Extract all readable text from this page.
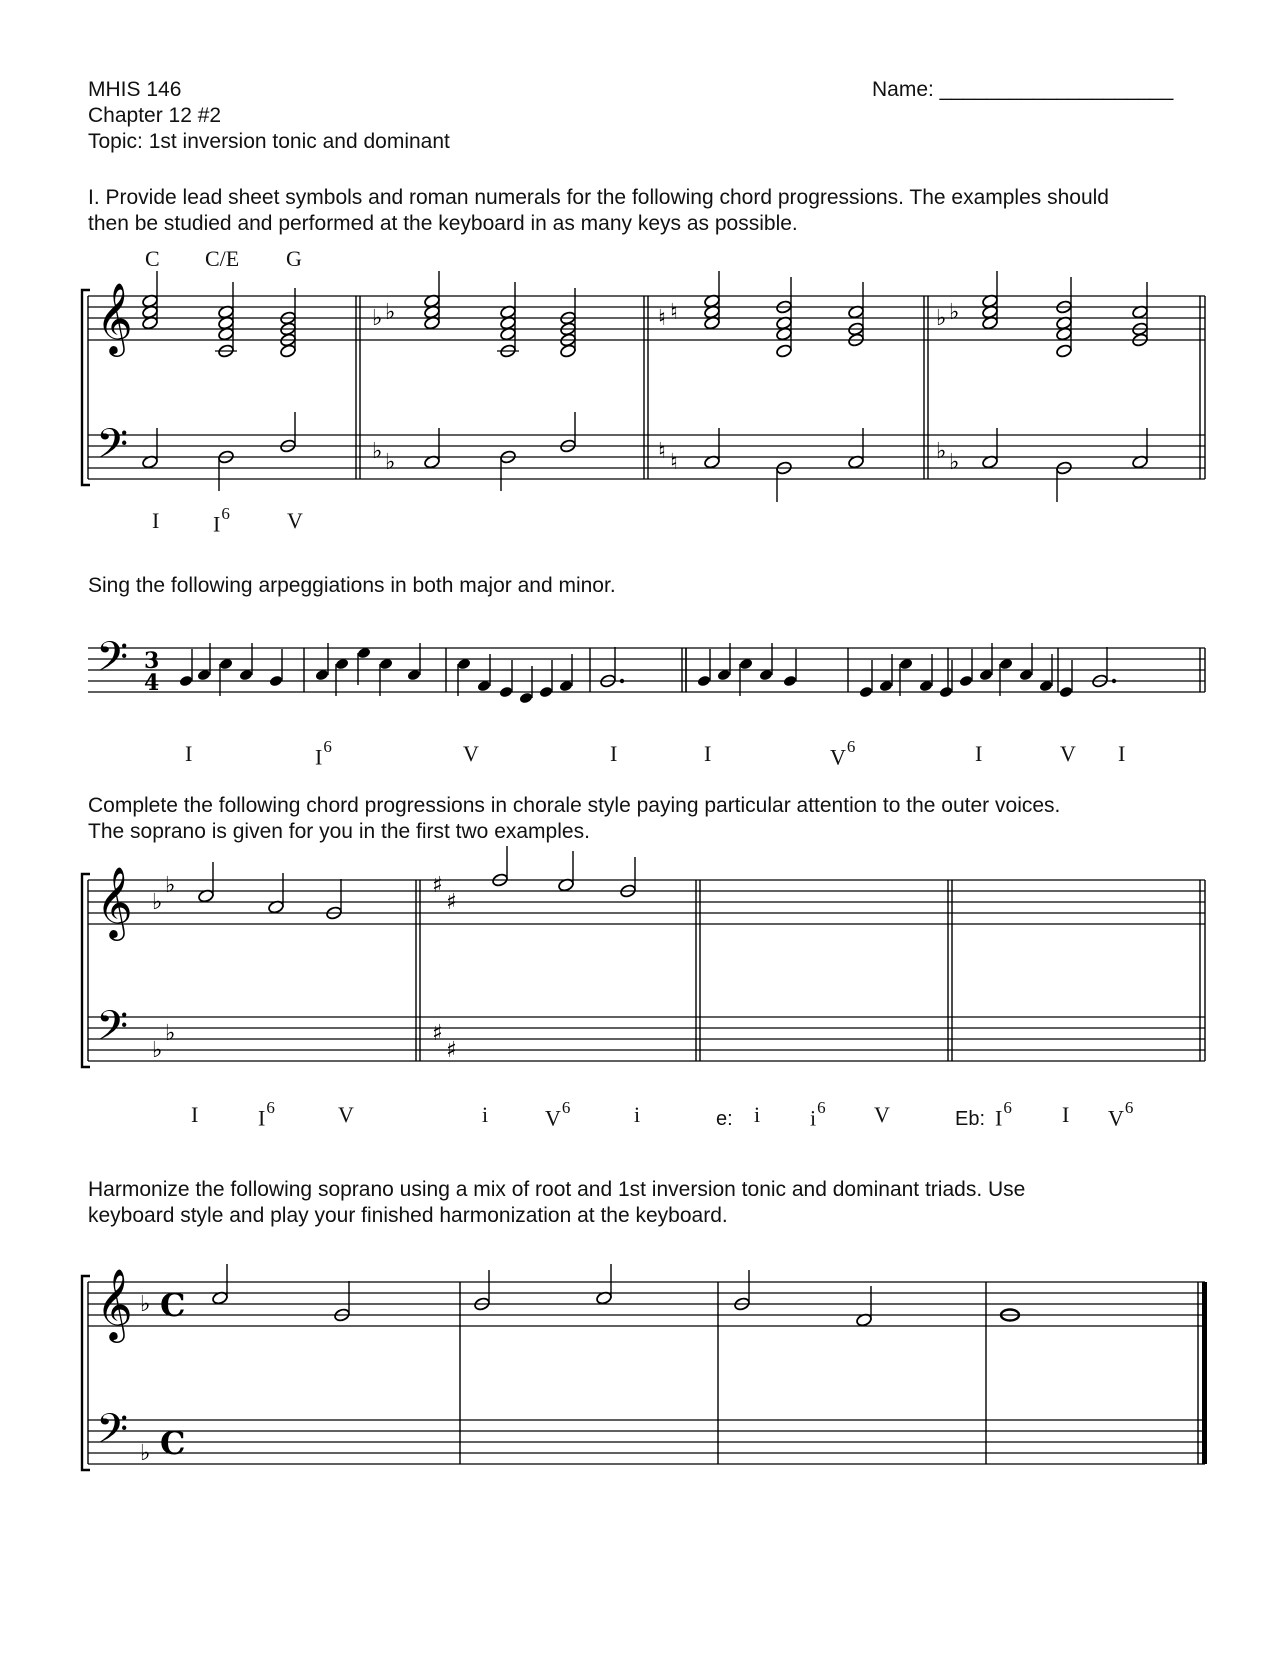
MHIS 146
Chapter 12 #2
Topic: 1st inversion tonic and dominant
Name: ____________________
I. Provide lead sheet symbols and roman numerals for the following chord progressions. The examples should
then be studied and performed at the keyboard in as many keys as possible.
C C/E G
I $I^6$	V
Sing the following arpeggiations in both major and minor.
I	$I^6$	V	I	I	$V^6$	I	V I
Complete the following chord progressions in chorale style paying particular attention to the outer voices.
The soprano is given for you in the first two examples.
I	$I^6$	V	i	$V^6$	i	e: i $i^6$ V	Eb: $I^6$ I $V^6$
Harmonize the following soprano using a mix of root and 1st inversion tonic and dominant triads. Use
keyboard style and play your finished harmonization at the keyboard.
𝄞
𝄢
♭ ♭
♭ ♭
♭ ♭
♭ ♭
♮ ♮
♮ ♮
𝄢 3
4
𝄞
𝄢
♭
♭
♭
♭
♯
♯
♯
♯
𝄞
𝄢
♭
♭
C
C
